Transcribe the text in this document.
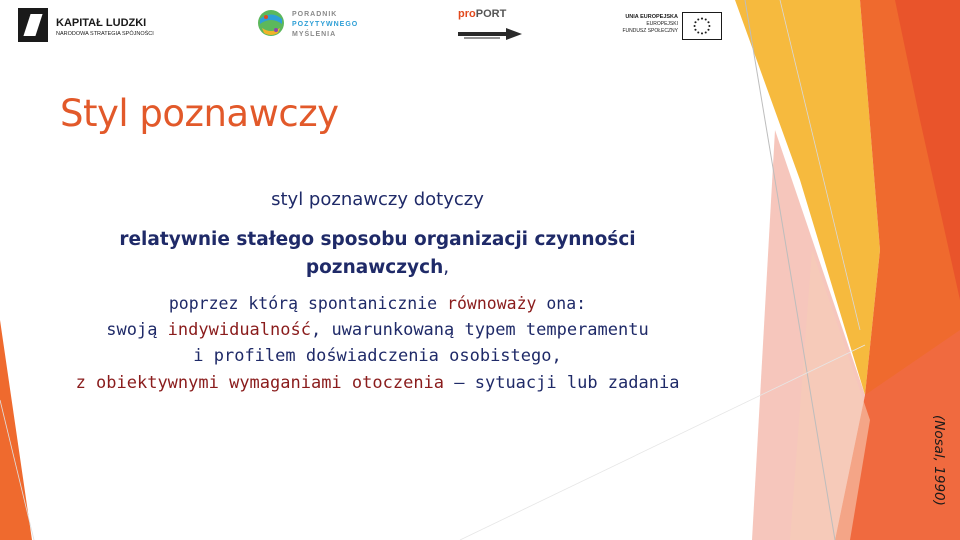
KAPITAŁ LUDZKI
NARODOWA STRATEGIA SPÓJNOŚCI
PORADNIK
POZYTYWNEGO
MYŚLENIA
proPORT	UNIA EUROPEJSKA
EUROPEJSKI
FUNDUSZ SPOŁECZNY
Styl poznawczy
styl poznawczy dotyczy
relatywnie stałego sposobu organizacji czynności
poznawczych,
poprzez którą spontanicznie równoważy ona:
swoją indywidualność, uwarunkowaną typem temperamentu
i profilem doświadczenia osobistego,
z obiektywnymi wymaganiami otoczenia – sytuacji lub zadania
(Nosal, 1990)
